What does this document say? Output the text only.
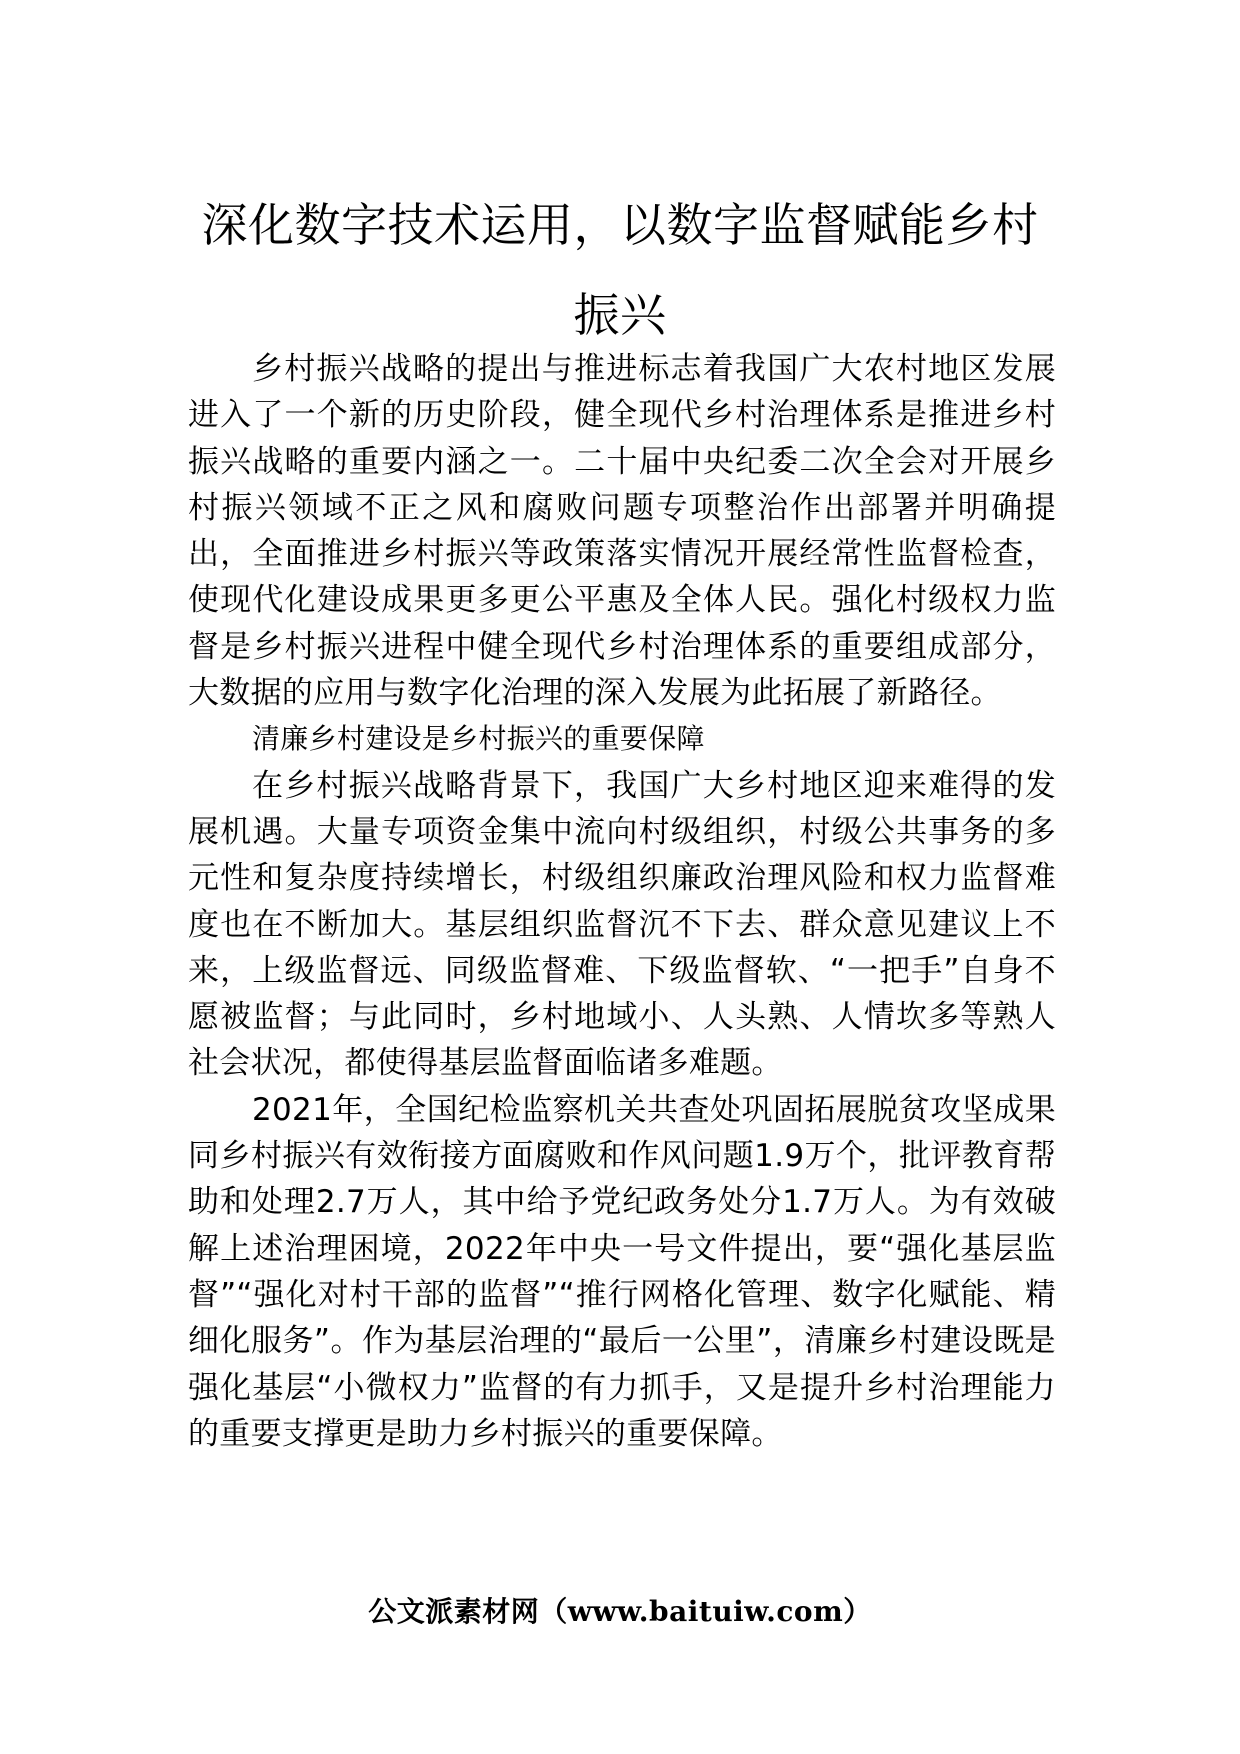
深化数字技术运用，以数字监督赋能乡村振兴

乡村振兴战略的提出与推进标志着我国广大农村地区发展进入了一个新的历史阶段，健全现代乡村治理体系是推进乡村振兴战略的重要内涵之一。二十届中央纪委二次全会对开展乡村振兴领域不正之风和腐败问题专项整治作出部署并明确提出，全面推进乡村振兴等政策落实情况开展经常性监督检查，使现代化建设成果更多更公平惠及全体人民。强化村级权力监督是乡村振兴进程中健全现代乡村治理体系的重要组成部分，大数据的应用与数字化治理的深入发展为此拓展了新路径。

清廉乡村建设是乡村振兴的重要保障

在乡村振兴战略背景下，我国广大乡村地区迎来难得的发展机遇。大量专项资金集中流向村级组织，村级公共事务的多元性和复杂度持续增长，村级组织廉政治理风险和权力监督难度也在不断加大。基层组织监督沉不下去、群众意见建议上不来，上级监督远、同级监督难、下级监督软、“一把手”自身不愿被监督；与此同时，乡村地域小、人头熟、人情坎多等熟人社会状况，都使得基层监督面临诸多难题。

2021年，全国纪检监察机关共查处巩固拓展脱贫攻坚成果同乡村振兴有效衔接方面腐败和作风问题1.9万个，批评教育帮助和处理2.7万人，其中给予党纪政务处分1.7万人。为有效破解上述治理困境，2022年中央一号文件提出，要“强化基层监督”“强化对村干部的监督”“推行网格化管理、数字化赋能、精细化服务”。作为基层治理的“最后一公里”，清廉乡村建设既是强化基层“小微权力”监督的有力抓手，又是提升乡村治理能力的重要支撑更是助力乡村振兴的重要保障。

公文派素材网（www.baituiw.com）
